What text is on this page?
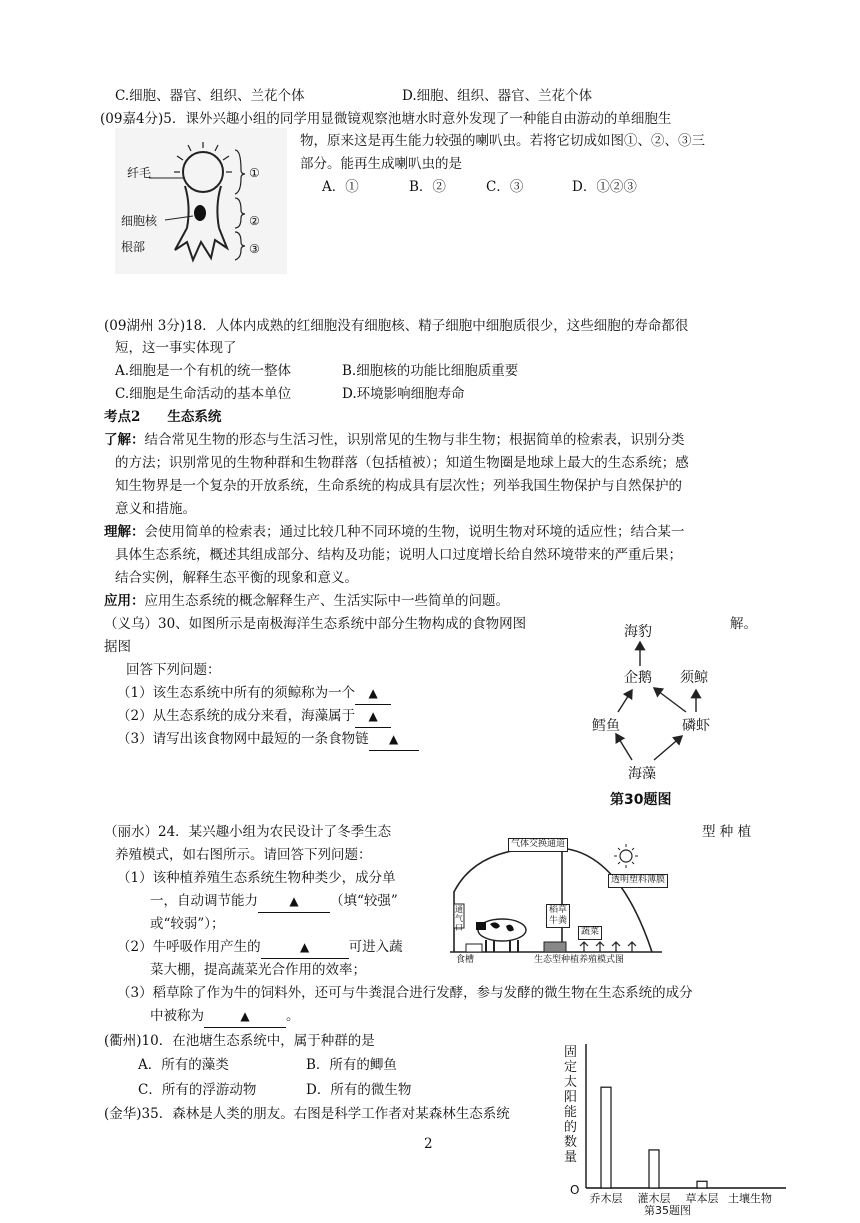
C.细胞、器官、组织、兰花个体	D.细胞、组织、器官、兰花个体
(09嘉4分)5．课外兴趣小组的同学用显微镜观察池塘水时意外发现了一种能自由游动的单细胞生
物，原来这是再生能力较强的喇叭虫。若将它切成如图①、②、③三
部分。能再生成喇叭虫的是
A．①	B．②	C．③	D．①②③
纤毛
细胞核
根部
①
②
③
(09湖州 3分)18．人体内成熟的红细胞没有细胞核、精子细胞中细胞质很少，这些细胞的寿命都很
短，这一事实体现了
A.细胞是一个有机的统一整体	B.细胞核的功能比细胞质重要
C.细胞是生命活动的基本单位	D.环境影响细胞寿命
考点2　　生态系统
了解：结合常见生物的形态与生活习性，识别常见的生物与非生物；根据简单的检索表，识别分类
的方法；识别常见的生物种群和生物群落（包括植被）；知道生物圈是地球上最大的生态系统；感
知生物界是一个复杂的开放系统，生命系统的构成具有层次性；列举我国生物保护与自然保护的
意义和措施。
理解：会使用简单的检索表；通过比较几种不同环境的生物，说明生物对环境的适应性；结合某一
具体生态系统，概述其组成部分、结构及功能；说明人口过度增长给自然环境带来的严重后果；
结合实例，解释生态平衡的现象和意义。
应用：应用生态系统的概念解释生产、生活实际中一些简单的问题。
（义乌）30、如图所示是南极海洋生态系统中部分生物构成的食物网图	解。
据图
回答下列问题：
（1）该生态系统中所有的须鲸称为一个 ▲
（2）从生态系统的成分来看，海藻属于 ▲
（3）请写出该食物网中最短的一条食物链 ▲
海豹
企鹅 须鲸
鳕鱼	磷虾
海藻
第30题图
（丽水）24．某兴趣小组为农民设计了冬季生态	型 种 植
养殖模式，如右图所示。请回答下列问题：
（1）该种植养殖生态系统生物种类少，成分单
一，自动调节能力	▲ （填“较强”
或“较弱”）；
（2）牛呼吸作用产生的	▲	可进入蔬
菜大棚，提高蔬菜光合作用的效率；
（3）稻草除了作为牛的饲料外，还可与牛粪混合进行发酵，参与发酵的微生物在生态系统的成分
中被称为	▲	。
气体交换通道
透明塑料薄膜
通气口
稻草牛粪
蔬菜
食槽	生态型种植养殖模式图
(衢州)10．在池塘生态系统中，属于种群的是
A．所有的藻类	B．所有的鲫鱼
C．所有的浮游动物	D．所有的微生物
(金华)35．森林是人类的朋友。右图是科学工作者对某森林生态系统
2
固定太阳能的数量
O
乔木层	灌木层	草本层 土壤生物
第35题图
